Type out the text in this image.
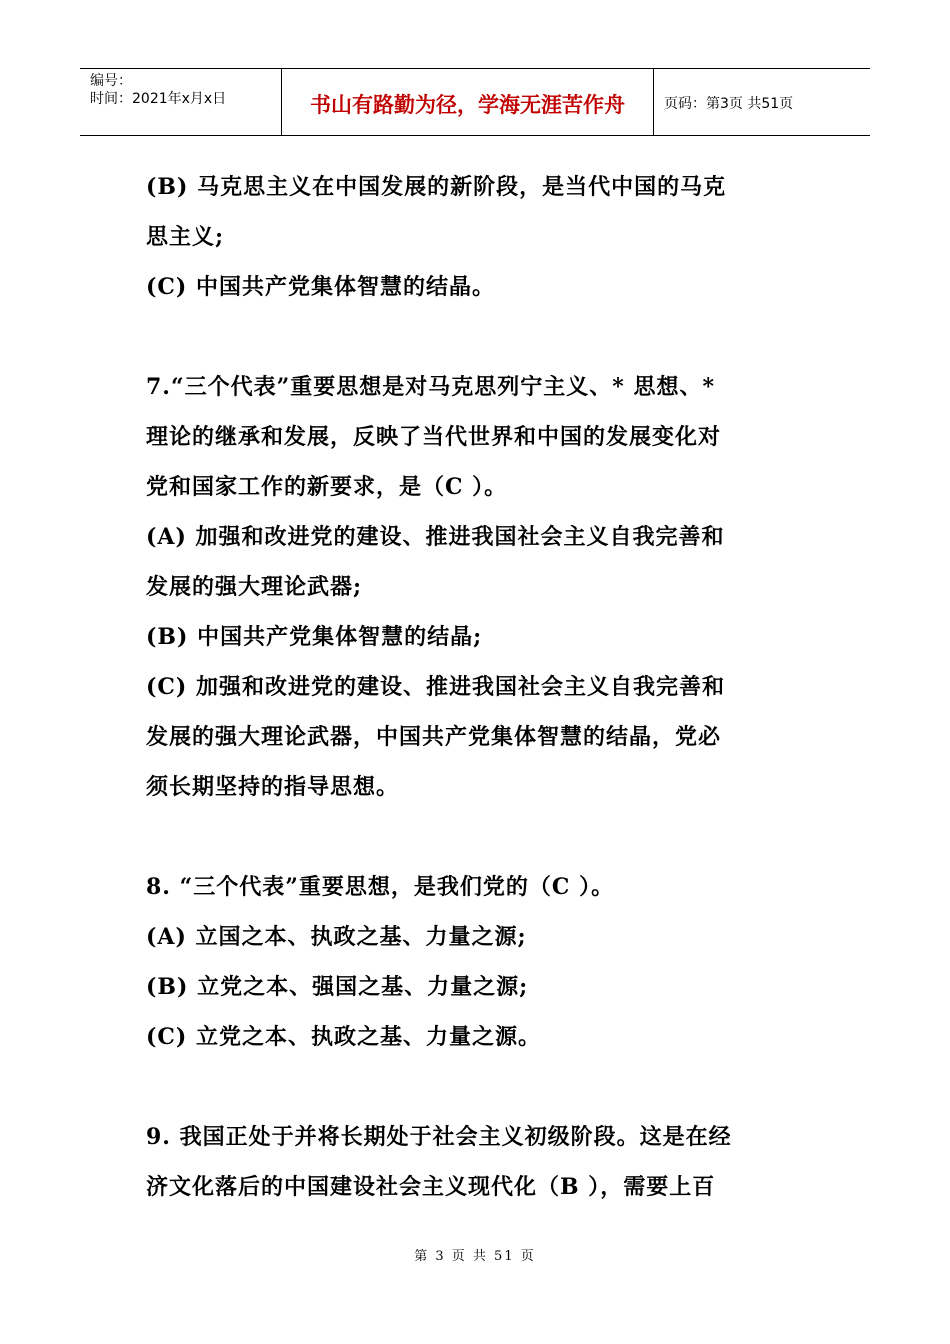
编号：
时间：2021年x月x日	书山有路勤为径，学海无涯苦作舟	页码：第3页 共51页
(B) 马克思主义在中国发展的新阶段，是当代中国的马克
思主义;
(C) 中国共产党集体智慧的结晶。
7.“三个代表”重要思想是对马克思列宁主义、* 思想、*
理论的继承和发展，反映了当代世界和中国的发展变化对
党和国家工作的新要求，是（C ）。
(A) 加强和改进党的建设、推进我国社会主义自我完善和
发展的强大理论武器;
(B) 中国共产党集体智慧的结晶;
(C) 加强和改进党的建设、推进我国社会主义自我完善和
发展的强大理论武器，中国共产党集体智慧的结晶，党必
须长期坚持的指导思想。
8. “三个代表”重要思想，是我们党的（C ）。
(A) 立国之本、执政之基、力量之源;
(B) 立党之本、强国之基、力量之源;
(C) 立党之本、执政之基、力量之源。
9. 我国正处于并将长期处于社会主义初级阶段。这是在经
济文化落后的中国建设社会主义现代化（B ），需要上百
第 3 页 共 51 页
